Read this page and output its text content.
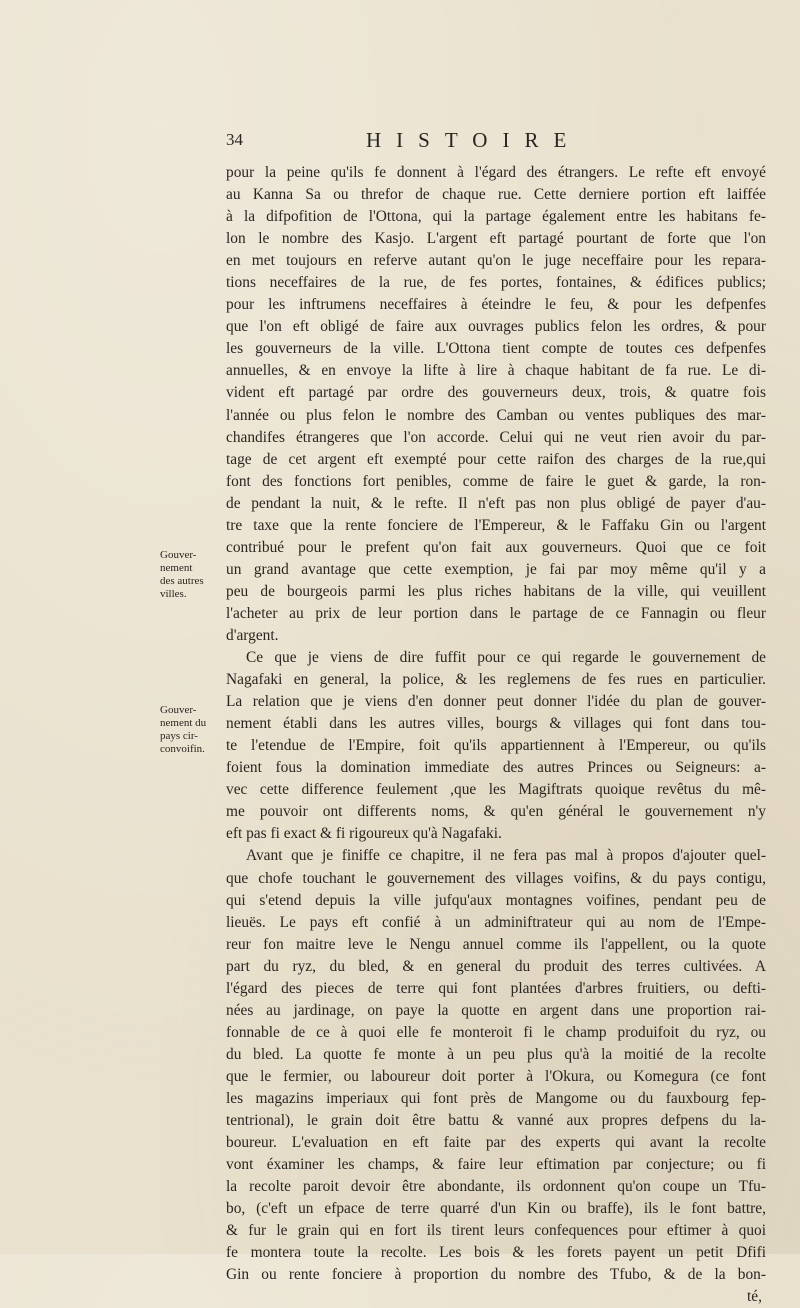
34	HISTOIRE
Gouver-
nement
des autres
villes.
Gouver-
nement du
pays cir-
convoifin.
pour la peine qu'ils fe donnent à l'égard des étrangers. Le refte eft envoyé
au Kanna Sa ou threfor de chaque rue. Cette derniere portion eft laiffée
à la difpofition de l'Ottona, qui la partage également entre les habitans fe-
lon le nombre des Kasjo. L'argent eft partagé pourtant de forte que l'on
en met toujours en referve autant qu'on le juge neceffaire pour les repara-
tions neceffaires de la rue, de fes portes, fontaines, & édifices publics;
pour les inftrumens neceffaires à éteindre le feu, & pour les defpenfes
que l'on eft obligé de faire aux ouvrages publics felon les ordres, & pour
les gouverneurs de la ville. L'Ottona tient compte de toutes ces defpenfes
annuelles, & en envoye la lifte à lire à chaque habitant de fa rue. Le di-
vident eft partagé par ordre des gouverneurs deux, trois, & quatre fois
l'année ou plus felon le nombre des Camban ou ventes publiques des mar-
chandifes étrangeres que l'on accorde. Celui qui ne veut rien avoir du par-
tage de cet argent eft exempté pour cette raifon des charges de la rue,qui
font des fonctions fort penibles, comme de faire le guet & garde, la ron-
de pendant la nuit, & le refte. Il n'eft pas non plus obligé de payer d'au-
tre taxe que la rente fonciere de l'Empereur, & le Faffaku Gin ou l'argent
contribué pour le prefent qu'on fait aux gouverneurs. Quoi que ce foit
un grand avantage que cette exemption, je fai par moy même qu'il y a
peu de bourgeois parmi les plus riches habitans de la ville, qui veuillent
l'acheter au prix de leur portion dans le partage de ce Fannagin ou fleur
d'argent.
Ce que je viens de dire fuffit pour ce qui regarde le gouvernement de
Nagafaki en general, la police, & les reglemens de fes rues en particulier.
La relation que je viens d'en donner peut donner l'idée du plan de gouver-
nement établi dans les autres villes, bourgs & villages qui font dans tou-
te l'etendue de l'Empire, foit qu'ils appartiennent à l'Empereur, ou qu'ils
foient fous la domination immediate des autres Princes ou Seigneurs: a-
vec cette difference feulement ,que les Magiftrats quoique revêtus du mê-
me pouvoir ont differents noms, & qu'en général le gouvernement n'y
eft pas fi exact & fi rigoureux qu'à Nagafaki.
Avant que je finiffe ce chapitre, il ne fera pas mal à propos d'ajouter quel-
que chofe touchant le gouvernement des villages voifins, & du pays contigu,
qui s'etend depuis la ville jufqu'aux montagnes voifines, pendant peu de
lieuës. Le pays eft confié à un adminiftrateur qui au nom de l'Empe-
reur fon maitre leve le Nengu annuel comme ils l'appellent, ou la quote
part du ryz, du bled, & en general du produit des terres cultivées. A
l'égard des pieces de terre qui font plantées d'arbres fruitiers, ou defti-
nées au jardinage, on paye la quotte en argent dans une proportion rai-
fonnable de ce à quoi elle fe monteroit fi le champ produifoit du ryz, ou
du bled. La quotte fe monte à un peu plus qu'à la moitié de la recolte
que le fermier, ou laboureur doit porter à l'Okura, ou Komegura (ce font
les magazins imperiaux qui font près de Mangome ou du fauxbourg fep-
tentrional), le grain doit être battu & vanné aux propres defpens du la-
boureur. L'evaluation en eft faite par des experts qui avant la recolte
vont éxaminer les champs, & faire leur eftimation par conjecture; ou fi
la recolte paroit devoir être abondante, ils ordonnent qu'on coupe un Tfu-
bo, (c'eft un efpace de terre quarré d'un Kin ou braffe), ils le font battre,
& fur le grain qui en fort ils tirent leurs confequences pour eftimer à quoi
fe montera toute la recolte. Les bois & les forets payent un petit Dfifi
Gin ou rente fonciere à proportion du nombre des Tfubo, & de la bon-
té,
